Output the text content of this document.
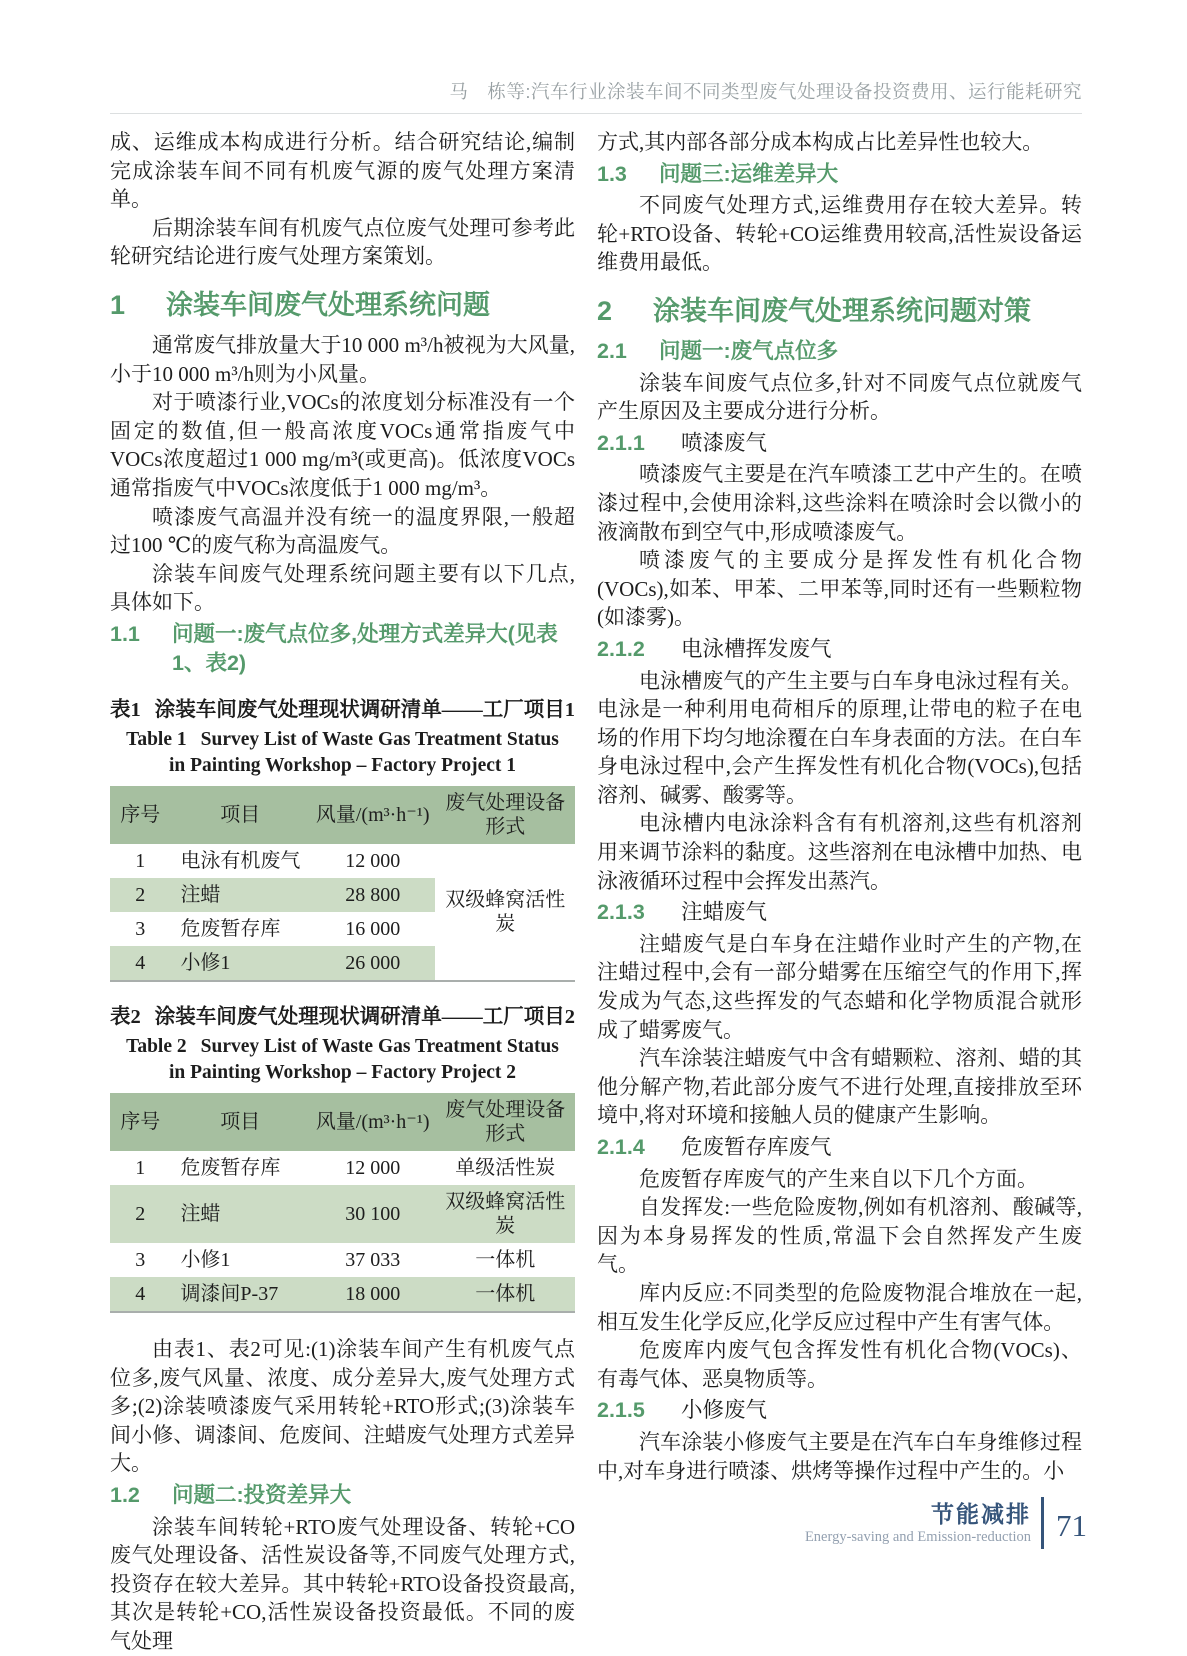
马　栋等:汽车行业涂装车间不同类型废气处理设备投资费用、运行能耗研究

成、运维成本构成进行分析。结合研究结论,编制完成涂装车间不同有机废气源的废气处理方案清单。

后期涂装车间有机废气点位废气处理可参考此轮研究结论进行废气处理方案策划。

1	涂装车间废气处理系统问题

通常废气排放量大于10 000 m³/h被视为大风量,小于10 000 m³/h则为小风量。

对于喷漆行业,VOCs的浓度划分标准没有一个固定的数值,但一般高浓度VOCs通常指废气中VOCs浓度超过1 000 mg/m³(或更高)。低浓度VOCs通常指废气中VOCs浓度低于1 000 mg/m³。

喷漆废气高温并没有统一的温度界限,一般超过100 ℃的废气称为高温废气。

涂装车间废气处理系统问题主要有以下几点,具体如下。

1.1	问题一:废气点位多,处理方式差异大(见表1、表2)
表1 涂装车间废气处理现状调研清单——工厂项目1
Table 1 Survey List of Waste Gas Treatment Status in Painting Workshop – Factory Project 1
序号	项目	风量/(m³·h⁻¹)	废气处理设备形式
1	电泳有机废气	12 000	双级蜂窝活性炭
2	注蜡	28 800	
3	危废暂存库	16 000	
4	小修1	26 000	
表2 涂装车间废气处理现状调研清单——工厂项目2
Table 2 Survey List of Waste Gas Treatment Status in Painting Workshop – Factory Project 2
序号	项目	风量/(m³·h⁻¹)	废气处理设备形式
1	危废暂存库	12 000	单级活性炭
2	注蜡	30 100	双级蜂窝活性炭
3	小修1	37 033	一体机
4	调漆间P-37	18 000	一体机

由表1、表2可见:(1)涂装车间产生有机废气点位多,废气风量、浓度、成分差异大,废气处理方式多;(2)涂装喷漆废气采用转轮+RTO形式;(3)涂装车间小修、调漆间、危废间、注蜡废气处理方式差异大。

1.2	问题二:投资差异大

涂装车间转轮+RTO废气处理设备、转轮+CO废气处理设备、活性炭设备等,不同废气处理方式,投资存在较大差异。其中转轮+RTO设备投资最高,其次是转轮+CO,活性炭设备投资最低。不同的废气处理

方式,其内部各部分成本构成占比差异性也较大。

1.3	问题三:运维差异大

不同废气处理方式,运维费用存在较大差异。转轮+RTO设备、转轮+CO运维费用较高,活性炭设备运维费用最低。

2	涂装车间废气处理系统问题对策
2.1	问题一:废气点位多

涂装车间废气点位多,针对不同废气点位就废气产生原因及主要成分进行分析。

2.1.1	喷漆废气

喷漆废气主要是在汽车喷漆工艺中产生的。在喷漆过程中,会使用涂料,这些涂料在喷涂时会以微小的液滴散布到空气中,形成喷漆废气。

喷漆废气的主要成分是挥发性有机化合物(VOCs),如苯、甲苯、二甲苯等,同时还有一些颗粒物(如漆雾)。

2.1.2	电泳槽挥发废气

电泳槽废气的产生主要与白车身电泳过程有关。电泳是一种利用电荷相斥的原理,让带电的粒子在电场的作用下均匀地涂覆在白车身表面的方法。在白车身电泳过程中,会产生挥发性有机化合物(VOCs),包括溶剂、碱雾、酸雾等。

电泳槽内电泳涂料含有有机溶剂,这些有机溶剂用来调节涂料的黏度。这些溶剂在电泳槽中加热、电泳液循环过程中会挥发出蒸汽。

2.1.3	注蜡废气

注蜡废气是白车身在注蜡作业时产生的产物,在注蜡过程中,会有一部分蜡雾在压缩空气的作用下,挥发成为气态,这些挥发的气态蜡和化学物质混合就形成了蜡雾废气。

汽车涂装注蜡废气中含有蜡颗粒、溶剂、蜡的其他分解产物,若此部分废气不进行处理,直接排放至环境中,将对环境和接触人员的健康产生影响。

2.1.4	危废暂存库废气

危废暂存库废气的产生来自以下几个方面。

自发挥发:一些危险废物,例如有机溶剂、酸碱等,因为本身易挥发的性质,常温下会自然挥发产生废气。

库内反应:不同类型的危险废物混合堆放在一起,相互发生化学反应,化学反应过程中产生有害气体。

危废库内废气包含挥发性有机化合物(VOCs)、有毒气体、恶臭物质等。

2.1.5	小修废气

汽车涂装小修废气主要是在汽车白车身维修过程中,对车身进行喷漆、烘烤等操作过程中产生的。小

节能减排
Energy-saving and Emission-reduction 71
